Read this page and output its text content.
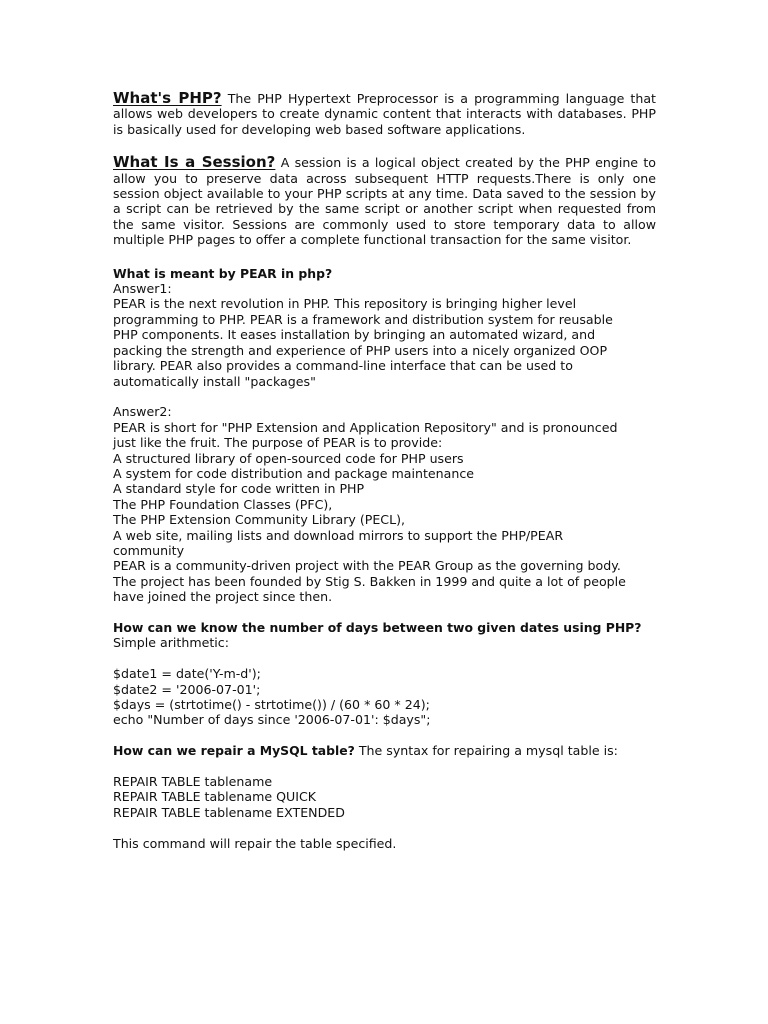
What's PHP? The PHP Hypertext Preprocessor is a programming language that allows web developers to create dynamic content that interacts with databases. PHP is basically used for developing web based software applications.

What Is a Session? A session is a logical object created by the PHP engine to allow you to preserve data across subsequent HTTP requests.There is only one session object available to your PHP scripts at any time. Data saved to the session by a script can be retrieved by the same script or another script when requested from the same visitor. Sessions are commonly used to store temporary data to allow multiple PHP pages to offer a complete functional transaction for the same visitor.

What is meant by PEAR in php?

Answer1:

PEAR is the next revolution in PHP. This repository is bringing higher level
programming to PHP. PEAR is a framework and distribution system for reusable
PHP components. It eases installation by bringing an automated wizard, and
packing the strength and experience of PHP users into a nicely organized OOP
library. PEAR also provides a command-line interface that can be used to
automatically install "packages"

Answer2:

PEAR is short for "PHP Extension and Application Repository" and is pronounced
just like the fruit. The purpose of PEAR is to provide:
A structured library of open-sourced code for PHP users
A system for code distribution and package maintenance
A standard style for code written in PHP
The PHP Foundation Classes (PFC),
The PHP Extension Community Library (PECL),
A web site, mailing lists and download mirrors to support the PHP/PEAR
community
PEAR is a community-driven project with the PEAR Group as the governing body.
The project has been founded by Stig S. Bakken in 1999 and quite a lot of people
have joined the project since then.

How can we know the number of days between two given dates using PHP?

Simple arithmetic:

$date1 = date('Y-m-d');
$date2 = '2006-07-01';
$days = (strtotime() - strtotime()) / (60 * 60 * 24);
echo "Number of days since '2006-07-01': $days";

How can we repair a MySQL table? The syntax for repairing a mysql table is:

REPAIR TABLE tablename
REPAIR TABLE tablename QUICK
REPAIR TABLE tablename EXTENDED

This command will repair the table specified.
